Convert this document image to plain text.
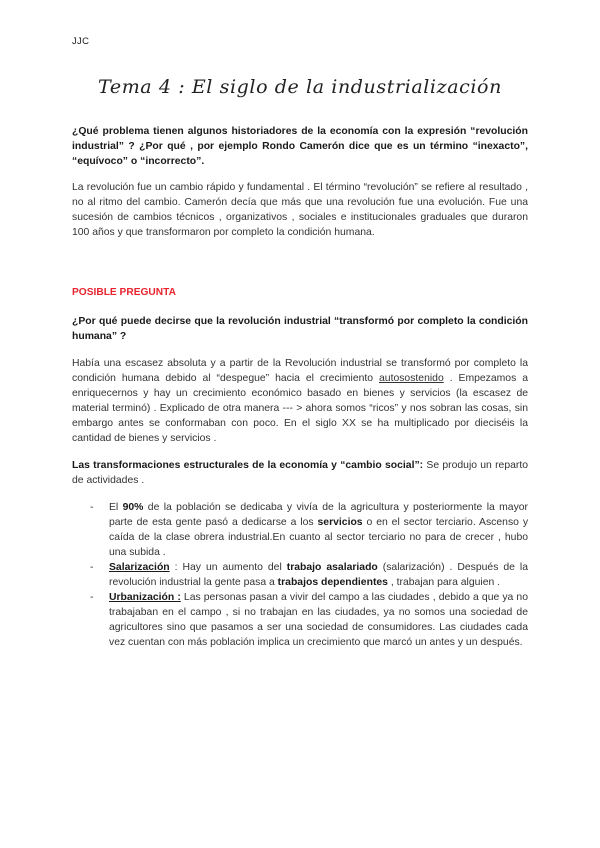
JJC
Tema 4 : El siglo de la industrialización
¿Qué problema tienen algunos historiadores de la economía con la expresión “revolución industrial” ? ¿Por qué , por ejemplo Rondo Camerón dice que es un término “inexacto”, “equívoco” o “incorrecto”.
La revolución fue un cambio rápido y fundamental . El término “revolución” se refiere al resultado , no al ritmo del cambio. Camerón decía que más que una revolución fue una evolución. Fue una sucesión de cambios técnicos , organizativos , sociales e institucionales graduales que duraron 100 años y que transformaron por completo la condición humana.
POSIBLE PREGUNTA
¿Por qué puede decirse que la revolución industrial “transformó por completo la condición humana” ?
Había una escasez absoluta y a partir de la Revolución industrial se transformó por completo la condición humana debido al “despegue” hacia el crecimiento autosostenido . Empezamos a enriquecernos y hay un crecimiento económico basado en bienes y servicios (la escasez de material terminó) . Explicado de otra manera --- > ahora somos “ricos” y nos sobran las cosas, sin embargo antes se conformaban con poco. En el siglo XX se ha multiplicado por dieciséis la cantidad de bienes y servicios .
Las transformaciones estructurales de la economía y “cambio social”: Se produjo un reparto de actividades .
- El 90% de la población se dedicaba y vivía de la agricultura y posteriormente la mayor parte de esta gente pasó a dedicarse a los servicios o en el sector terciario. Ascenso y caída de la clase obrera industrial.En cuanto al sector terciario no para de crecer , hubo una subida .
- Salarización : Hay un aumento del trabajo asalariado (salarización) . Después de la revolución industrial la gente pasa a trabajos dependientes , trabajan para alguien .
- Urbanización : Las personas pasan a vivir del campo a las ciudades , debido a que ya no trabajaban en el campo , si no trabajan en las ciudades, ya no somos una sociedad de agricultores sino que pasamos a ser una sociedad de consumidores. Las ciudades cada vez cuentan con más población implica un crecimiento que marcó un antes y un después.
